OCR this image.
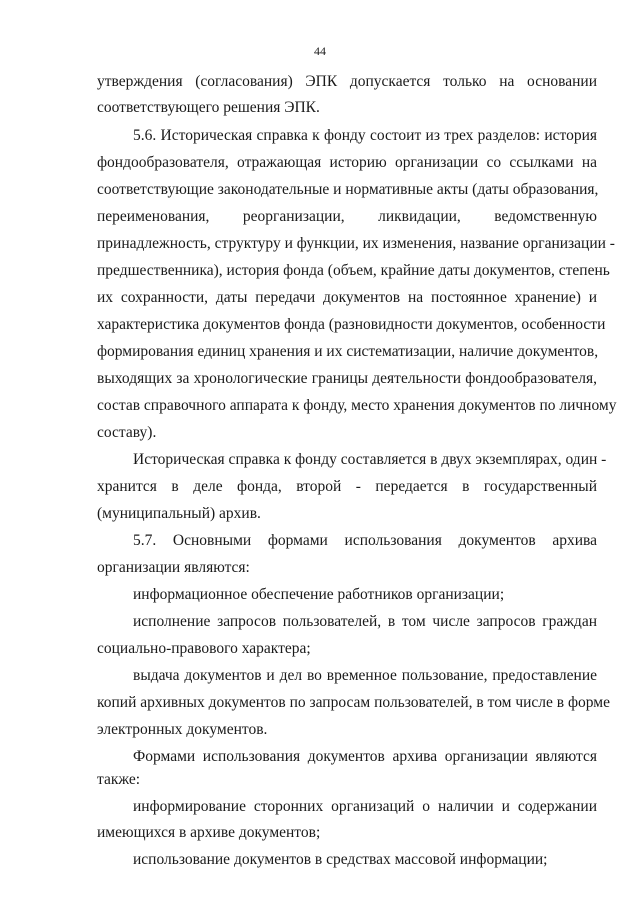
44
утверждения (согласования) ЭПК допускается только на основании
соответствующего решения ЭПК.
5.6. Историческая справка к фонду состоит из трех разделов: история
фондообразователя, отражающая историю организации со ссылками на
соответствующие законодательные и нормативные акты (даты образования,
переименования, реорганизации, ликвидации, ведомственную
принадлежность, структуру и функции, их изменения, название организации -
предшественника), история фонда (объем, крайние даты документов, степень
их сохранности, даты передачи документов на постоянное хранение) и
характеристика документов фонда (разновидности документов, особенности
формирования единиц хранения и их систематизации, наличие документов,
выходящих за хронологические границы деятельности фондообразователя,
состав справочного аппарата к фонду, место хранения документов по личному
составу).
Историческая справка к фонду составляется в двух экземплярах, один -
хранится в деле фонда, второй - передается в государственный
(муниципальный) архив.
5.7. Основными формами использования документов архива
организации являются:
информационное обеспечение работников организации;
исполнение запросов пользователей, в том числе запросов граждан
социально-правового характера;
выдача документов и дел во временное пользование, предоставление
копий архивных документов по запросам пользователей, в том числе в форме
электронных документов.
Формами использования документов архива организации являются
также:
информирование сторонних организаций о наличии и содержании
имеющихся в архиве документов;
использование документов в средствах массовой информации;
